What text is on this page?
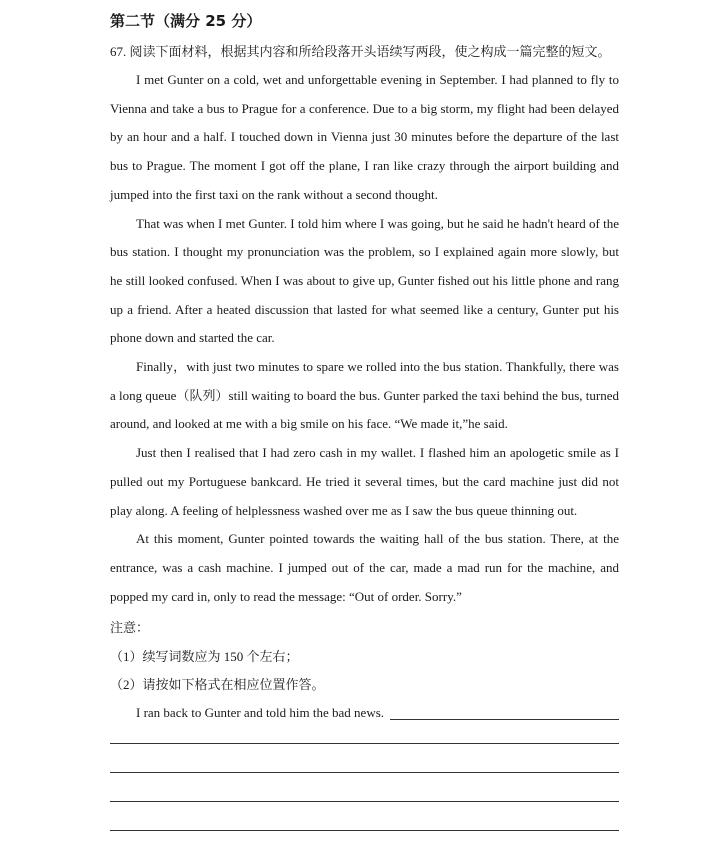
第二节（满分 25 分）

67. 阅读下面材料，根据其内容和所给段落开头语续写两段，使之构成一篇完整的短文。

I met Gunter on a cold, wet and unforgettable evening in September. I had planned to fly to Vienna and take a bus to Prague for a conference. Due to a big storm, my flight had been delayed by an hour and a half. I touched down in Vienna just 30 minutes before the departure of the last bus to Prague. The moment I got off the plane, I ran like crazy through the airport building and jumped into the first taxi on the rank without a second thought.

That was when I met Gunter. I told him where I was going, but he said he hadn't heard of the bus station. I thought my pronunciation was the problem, so I explained again more slowly, but he still looked confused. When I was about to give up, Gunter fished out his little phone and rang up a friend. After a heated discussion that lasted for what seemed like a century, Gunter put his phone down and started the car.

Finally，with just two minutes to spare we rolled into the bus station. Thankfully, there was a long queue（队列）still waiting to board the bus. Gunter parked the taxi behind the bus, turned around, and looked at me with a big smile on his face. “We made it,”he said.

Just then I realised that I had zero cash in my wallet. I flashed him an apologetic smile as I pulled out my Portuguese bankcard. He tried it several times, but the card machine just did not play along. A feeling of helplessness washed over me as I saw the bus queue thinning out.

At this moment, Gunter pointed towards the waiting hall of the bus station. There, at the entrance, was a cash machine. I jumped out of the car, made a mad run for the machine, and popped my card in, only to read the message: “Out of order. Sorry.”

注意：

（1）续写词数应为 150 个左右；

（2）请按如下格式在相应位置作答。

I ran back to Gunter and told him the bad news.
